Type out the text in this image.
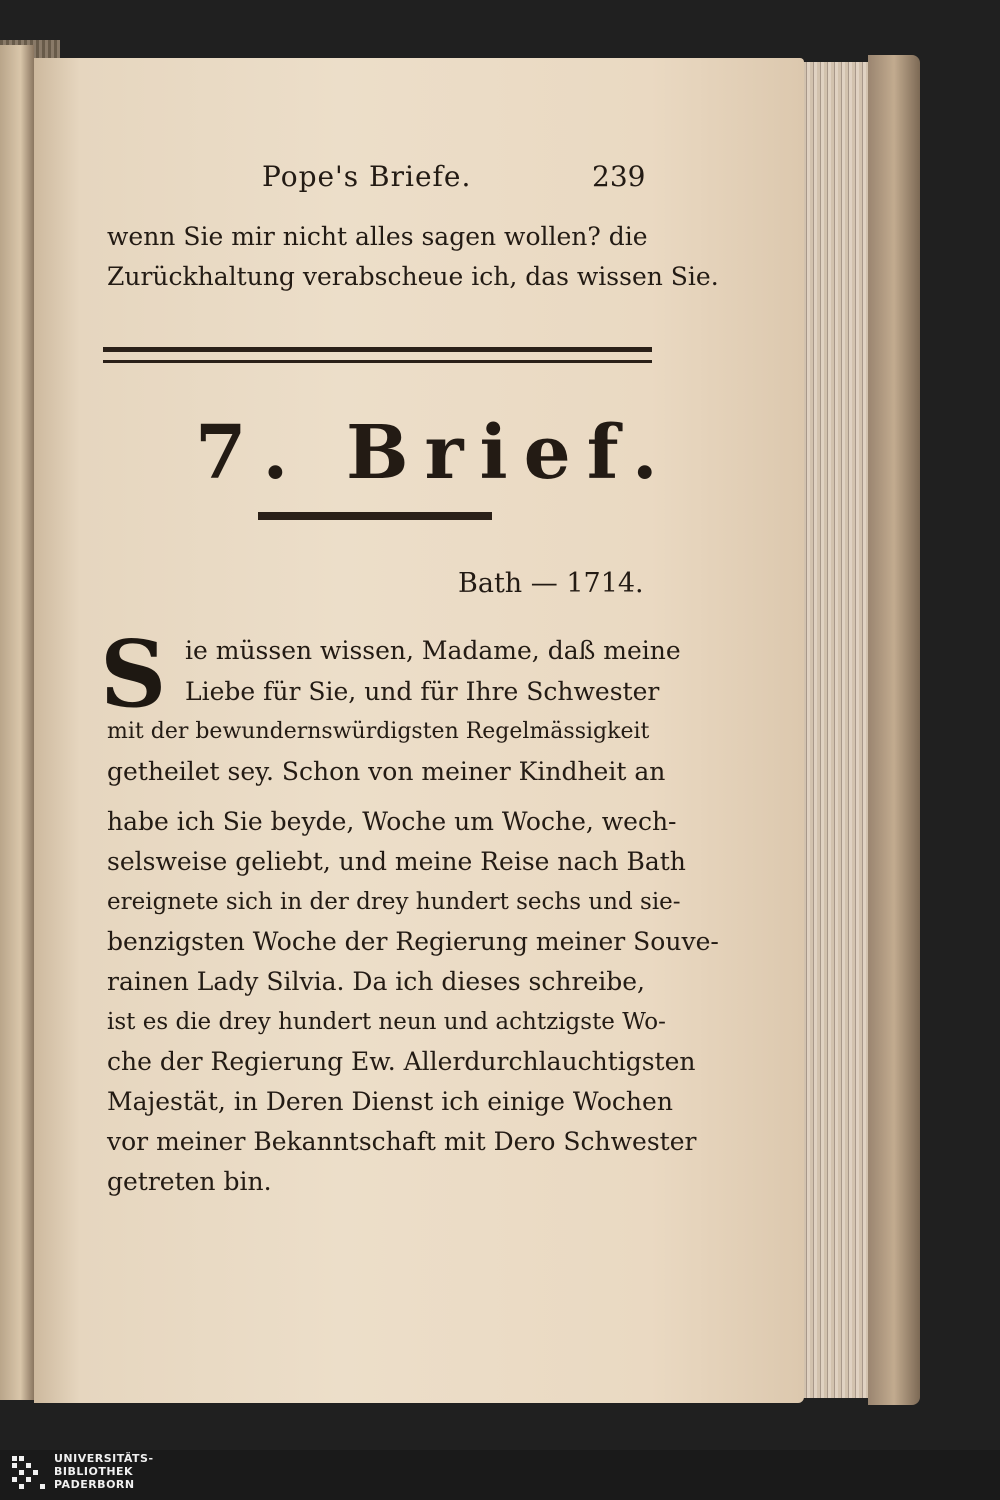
Pope's Briefe.	239
wenn Sie mir nicht alles sagen wollen? die
Zurückhaltung verabscheue ich, das wissen Sie.
7. Brief.
Bath — 1714.
S ie müssen wissen, Madame, daß meine
Liebe für Sie, und für Ihre Schwester
mit der bewundernswürdigsten Regelmässigkeit
getheilet sey. Schon von meiner Kindheit an
habe ich Sie beyde, Woche um Woche, wech-
selsweise geliebt, und meine Reise nach Bath
ereignete sich in der drey hundert sechs und sie-
benzigsten Woche der Regierung meiner Souve-
rainen Lady Silvia. Da ich dieses schreibe,
ist es die drey hundert neun und achtzigste Wo-
che der Regierung Ew. Allerdurchlauchtigsten
Majestät, in Deren Dienst ich einige Wochen
vor meiner Bekanntschaft mit Dero Schwester
getreten bin.
UNIVERSITÄTS-
BIBLIOTHEK
PADERBORN
